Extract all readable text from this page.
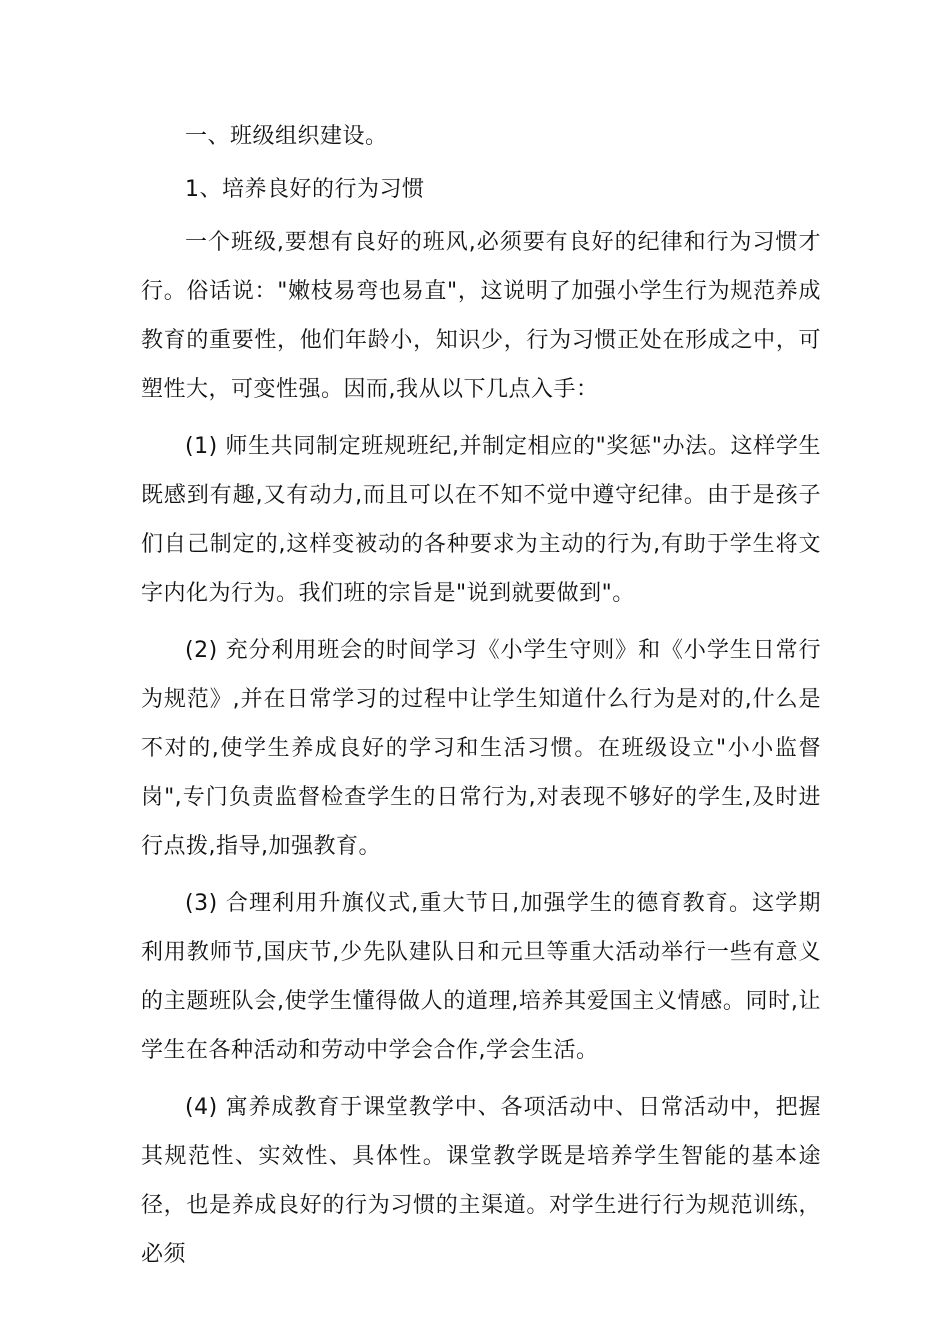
一、班级组织建设。

1、培养良好的行为习惯

一个班级,要想有良好的班风,必须要有良好的纪律和行为习惯才行。俗话说："嫩枝易弯也易直"，这说明了加强小学生行为规范养成教育的重要性，他们年龄小，知识少，行为习惯正处在形成之中，可塑性大，可变性强。因而,我从以下几点入手：

(1) 师生共同制定班规班纪,并制定相应的"奖惩"办法。这样学生既感到有趣,又有动力,而且可以在不知不觉中遵守纪律。由于是孩子们自己制定的,这样变被动的各种要求为主动的行为,有助于学生将文字内化为行为。我们班的宗旨是"说到就要做到"。

(2) 充分利用班会的时间学习《小学生守则》和《小学生日常行为规范》,并在日常学习的过程中让学生知道什么行为是对的,什么是不对的,使学生养成良好的学习和生活习惯。在班级设立"小小监督岗",专门负责监督检查学生的日常行为,对表现不够好的学生,及时进行点拨,指导,加强教育。

(3) 合理利用升旗仪式,重大节日,加强学生的德育教育。这学期利用教师节,国庆节,少先队建队日和元旦等重大活动举行一些有意义的主题班队会,使学生懂得做人的道理,培养其爱国主义情感。同时,让学生在各种活动和劳动中学会合作,学会生活。

(4) 寓养成教育于课堂教学中、各项活动中、日常活动中，把握其规范性、实效性、具体性。课堂教学既是培养学生智能的基本途径，也是养成良好的行为习惯的主渠道。对学生进行行为规范训练，必须
